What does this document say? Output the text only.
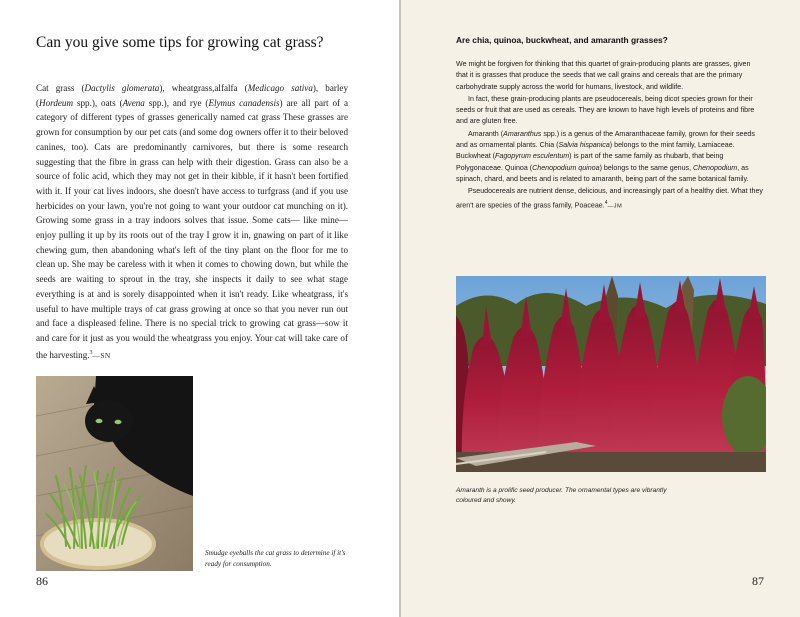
Can you give some tips for growing cat grass?

Cat grass (Dactylis glomerata), wheatgrass,alfalfa (Medicago sativa), barley (Hordeum spp.), oats (Avena spp.), and rye (Elymus canadensis) are all part of a category of different types of grasses generically named cat grass These grasses are grown for consumption by our pet cats (and some dog owners offer it to their beloved canines, too). Cats are predominantly carnivores, but there is some research suggesting that the fibre in grass can help with their digestion. Grass can also be a source of folic acid, which they may not get in their kibble, if it hasn't been fortified with it. If your cat lives indoors, she doesn't have access to turfgrass (and if you use herbicides on your lawn, you're not going to want your outdoor cat munching on it). Growing some grass in a tray indoors solves that issue. Some cats— like mine—enjoy pulling it up by its roots out of the tray I grow it in, gnawing on part of it like chewing gum, then abandoning what's left of the tiny plant on the floor for me to clean up. She may be careless with it when it comes to chowing down, but while the seeds are waiting to sprout in the tray, she inspects it daily to see what stage everything is at and is sorely disappointed when it isn't ready. Like wheatgrass, it's useful to have multiple trays of cat grass growing at once so that you never run out and face a displeased feline. There is no special trick to growing cat grass—sow it and care for it just as you would the wheatgrass you enjoy. Your cat will take care of the harvesting.$^3$—SN

Smudge eyeballs the cat grass to determine if it's ready for consumption.

86
Are chia, quinoa, buckwheat, and amaranth grasses?

We might be forgiven for thinking that this quartet of grain-producing plants are grasses, given that it is grasses that produce the seeds that we call grains and cereals that are the primary carbohydrate supply across the world for humans, livestock, and wildlife.

In fact, these grain-producing plants are pseudocereals, being dicot species grown for their seeds or fruit that are used as cereals. They are known to have high levels of proteins and fibre and are gluten free.

Amaranth (Amaranthus spp.) is a genus of the Amaranthaceae family, grown for their seeds and as ornamental plants. Chia (Salvia hispanica) belongs to the mint family, Lamiaceae. Buckwheat (Fagopyrum esculentum) is part of the same family as rhubarb, that being Polygonaceae. Quinoa (Chenopodium quinoa) belongs to the same genus, Chenopodium, as spinach, chard, and beets and is related to amaranth, being part of the same botanical family.

Pseudocereals are nutrient dense, delicious, and increasingly part of a healthy diet. What they aren't are species of the grass family, Poaceae.$^4$—JM

Amaranth is a prolific seed producer. The ornamental types are vibrantly coloured and showy.

87
